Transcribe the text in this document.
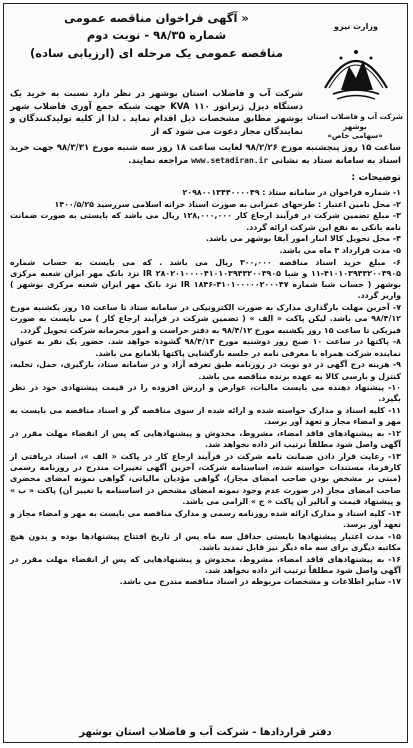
وزارت نیرو
شرکت آب و فاضلاب استان بوشهر
«سهامی خاص»
« آگهی فراخوان مناقصه عمومی
شماره ۹۸/۳۵ - نوبت دوم
مناقصه عمومی یک مرحله ای (ارزیابی ساده)
شرکت آب و فاضلاب استان بوشهر در نظر دارد نسبت به خرید یک دستگاه دیزل ژنراتور KVA ۱۱۰ جهت شبکه جمع آوری فاضلاب شهر بوشهر مطابق مشخصات ذیل اقدام نماید . لذا از کلیه تولیدکنندگان و نمایندگان مجاز دعوت می شود که از
ساعت ۱۵ روز پنجشنبه مورخ ۹۸/۲/۲۶ لغایت ساعت ۱۸ روز سه شنبه مورخ ۹۸/۳/۳۱ جهت خرید اسناد به سامانه ستاد به نشانی www.setadiran.ir مراجعه نمایند.
توضیحات :

۱- شماره فراخوان در سامانه ستاد : ۲۰۹۸۰۰۱۳۴۴۰۰۰۰۴۹

۲- محل تامین اعتبار : طرحهای عمرانی به صورت اسناد خزانه اسلامی سررسید ۱۴۰۰/۵/۲۵

۳- مبلغ تضمین شرکت در فرآیند ارجاع کار ۱۲۸,۰۰۰,۰۰۰ ریال می باشد که بایستی به صورت ضمانت نامه بانکی به نفع این شرکت ارائه گردد.

۴- محل تحویل کالا انبار امور آبفا بوشهر می باشد.

۵- مدت قرارداد ۳ ماه می باشد.

۶- مبلغ خرید اسناد مناقصه ۳۰۰,۰۰۰ ریال می باشد . که می بایست به حساب شماره ۴۱۰۱۰۳۹۴۳۲۰۰۳۹۰۵-۱۱ و شبا ۲۸۰۲۰۱۰۰۰۰۴۱۰۱۰۳۹۴۳۲۰۰۳۹۰۵ IR نزد بانک مهر ایران شعبه مرکزی بوشهر ( حساب شبا شماره ۴۱۰۱۰۰۰۰۰۲۰۰۰۴۷-۱۸۴۶ IR نزد بانک مهر ایران شعبه مرکزی بوشهر ) واریز گردد.

۷- آخرین مهلت بارگذاری مدارک به صورت الکترونیکی در سامانه ستاد تا ساعت ۱۵ روز یکشنبه مورخ ۹۸/۴/۱۲ می باشد. لیکن پاکت « الف » ( تضمین شرکت در فرآیند ارجاع کار ) می بایست به صورت فیزیکی تا ساعت ۱۵ روز یکشنبه مورخ ۹۸/۴/۱۲ به دفتر حراست و امور محرمانه شرکت تحویل گردد.

۸- پاکتها در ساعت ۱۰ صبح روز دوشنبه مورخ ۹۸/۴/۱۳ گشوده خواهد شد. حضور یک نفر به عنوان نماینده شرکت همراه با معرفی نامه در جلسه بازگشایی پاکتها بلامانع می باشد.

۹- هزینه درج آگهی در دو نوبت در روزنامه طبق تعرفه آزاد و در سامانه ستاد، بارگیری، حمل، تخلیه، کنترل و بارسی کالا به عهده برنده مناقصه می باشد.

۱۰- پیشنهاد دهنده می بایست مالیات، عوارض و ارزش افزوده را در قیمت پیشنهادی خود در نظر بگیرد.

۱۱- کلیه اسناد و مدارک خواسته شده و ارائه شده از سوی مناقصه گر و اسناد مناقصه می بایست به مهر و امضاء مجاز و تعهد آور برسد.

۱۲- به پیشنهادهای فاقد امضاء، مشروط، مخدوش و پیشنهادهایی که پس از انقضاء مهلت مقرر در آگهی واصل شود مطلقاً ترتیب اثر داده نخواهد شد.

۱۳- رعایت قرار دادن ضمانت نامه شرکت در فرآیند ارجاع کار در پاکت « الف »، اسناد دریافتی از کارفرما، مستندات خواسته شده، اساسنامه شرکت، آخرین آگهی تغییرات مندرج در روزنامه رسمی (مبنی بر مشخص بودن صاحب امضای مجاز)، گواهی مؤدیان مالیاتی، گواهی نمونه امضای محضری صاحب امضای مجاز (در صورت عدم وجود نمونه امضای مشخص در اساسنامه یا تغییر آن) پاکت « ب » و پیشنهاد قیمت و آنالیز آن پاکت « ج » الزامی می باشد.

۱۴- کلیه اسناد و مدارک ارائه شده روزنامه رسمی و مدارک مناقصه می بایست به مهر و امضاء مجاز و تعهد آور برسد.

۱۵- مدت اعتبار پیشنهادها بایستی حداقل سه ماه پس از تاریخ افتتاح پیشنهادها بوده و بدون هیچ مکاتبه دیگری برای سه ماه دیگر نیز قابل تمدید باشد.

۱۶- به پیشنهادهای فاقد امضاء، مشروط، مخدوش و پیشنهادهایی که پس از انقضاء مهلت مقرر در آگهی واصل شود مطلقاً ترتیب اثر داده نخواهد شد.

۱۷- سایر اطلاعات و مشخصات مربوطه در اسناد مناقصه مندرج می باشد.

دفتر قراردادها - شرکت آب و فاضلاب استان بوشهر
